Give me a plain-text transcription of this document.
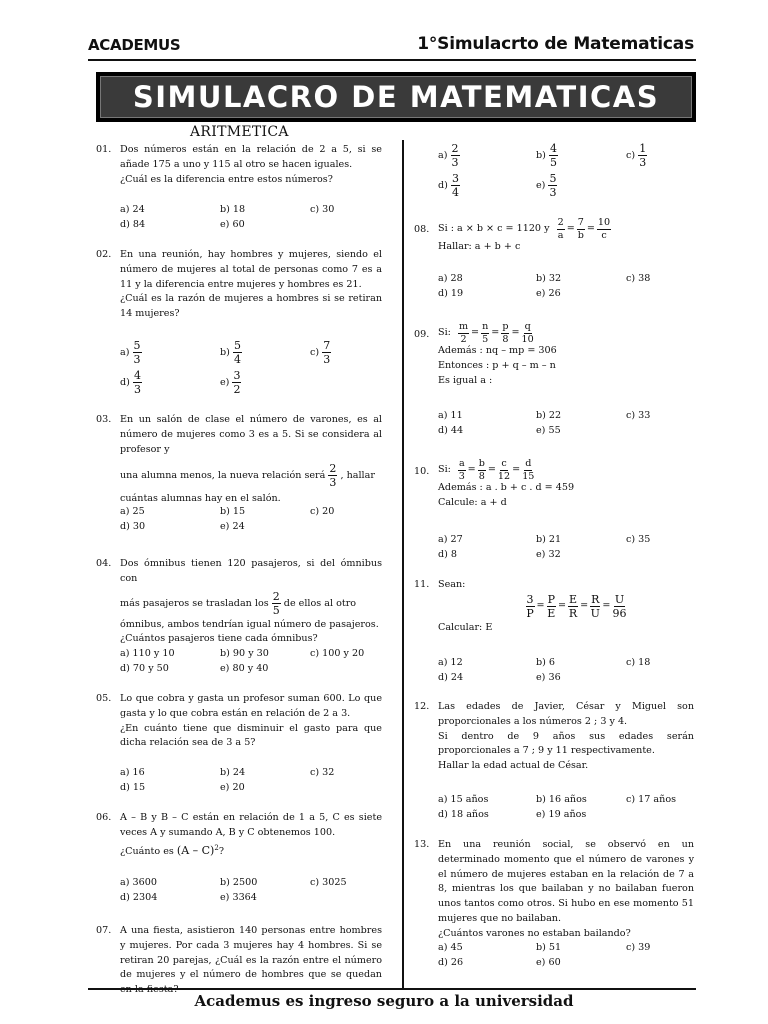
ACADEMUS	1°Simulacrto de Matematicas
SIMULACRO DE MATEMATICAS
ARITMETICA
01. Dos números están en la relación de 2 a 5, si se añade 175 a uno y 115 al otro se hacen iguales.

¿Cuál es la diferencia entre estos números?

a) 24	b) 18	c) 30
d) 84	e) 60
02. En una reunión, hay hombres y mujeres, siendo el número de mujeres al total de personas como 7 es a 11 y la diferencia entre mujeres y hombres es 21.

¿Cuál es la razón de mujeres a hombres si se retiran 14 mujeres?

$a) \frac{5}{3}$	$b) \frac{5}{4}$	$c) \frac{7}{3}$
$d) \frac{4}{3}$	$e) \frac{3}{2}$
03. En un salón de clase el número de varones, es al número de mujeres como 3 es a 5. Si se considera al profesor y

una alumna menos, la nueva relación será $\frac{2}{3}$ , hallar

cuántas alumnas hay en el salón.

a) 25	b) 15	c) 20
d) 30	e) 24
04. Dos ómnibus tienen 120 pasajeros, si del ómnibus con

más pasajeros se trasladan los $\frac{2}{5}$ de ellos al otro

ómnibus, ambos tendrían igual número de pasajeros.

¿Cuántos pasajeros tiene cada ómnibus?

a) 110 y 10	b) 90 y 30	c) 100 y 20
d) 70 y 50	e) 80 y 40
05. Lo que cobra y gasta un profesor suman 600. Lo que gasta y lo que cobra están en relación de 2 a 3.

¿En cuánto tiene que disminuir el gasto para que dicha relación sea de 3 a 5?

a) 16	b) 24	c) 32
d) 15	e) 20
06. A – B y B – C están en relación de 1 a 5, C es siete veces A y sumando A, B y C obtenemos 100.

¿Cuánto es (A – C)$^2$?

a) 3600	b) 2500	c) 3025
d) 2304	e) 3364
07. A una fiesta, asistieron 140 personas entre hombres y mujeres. Por cada 3 mujeres hay 4 hombres. Si se retiran 20 parejas, ¿Cuál es la razón entre el número de mujeres y el número de hombres que se quedan

$a) \frac{2}{3}$	$b) \frac{4}{5}$	$c) \frac{1}{3}$
$d) \frac{3}{4}$	$e) \frac{5}{3}$
08. Si : a × b × c = 1120 y
$\frac{2}{a} = \frac{7}{b} = \frac{10}{c}$

Hallar: a + b + c

a) 28	b) 32	c) 38
d) 19	e) 26
09. Si:
$\frac{m}{2} = \frac{n}{5} = \frac{p}{8} = \frac{q}{10}$

Además : nq – mp = 306

Entonces : p + q – m – n

Es igual a :

a) 11	b) 22	c) 33
d) 44	e) 55
10. Si:
$\frac{a}{3} = \frac{b}{8} = \frac{c}{12} = \frac{d}{15}$

Además : a . b + c . d = 459

Calcule: a + d

a) 27	b) 21	c) 35
d) 8	e) 32
11. Sean:

$\frac{3}{P} = \frac{P}{E} = \frac{E}{R} = \frac{R}{U} = \frac{U}{96}$

Calcular: E

a) 12	b) 6	c) 18
d) 24	e) 36
12. Las edades de Javier, César y Miguel son proporcionales a los números 2 ; 3 y 4.

Si dentro de 9 años sus edades serán proporcionales a 7 ; 9 y 11 respectivamente.

Hallar la edad actual de César.

a) 15 años	b) 16 años	c) 17 años
d) 18 años	e) 19 años
13. En una reunión social, se observó en un determinado momento que el número de varones y el número de mujeres estaban en la relación de 7 a 8, mientras los que bailaban y no bailaban fueron unos tantos como otros. Si hubo en ese momento 51 mujeres que no bailaban.

¿Cuántos varones no estaban bailando?

a) 45	b) 51	c) 39
d) 26	e) 60
Academus es ingreso seguro a la universidad
